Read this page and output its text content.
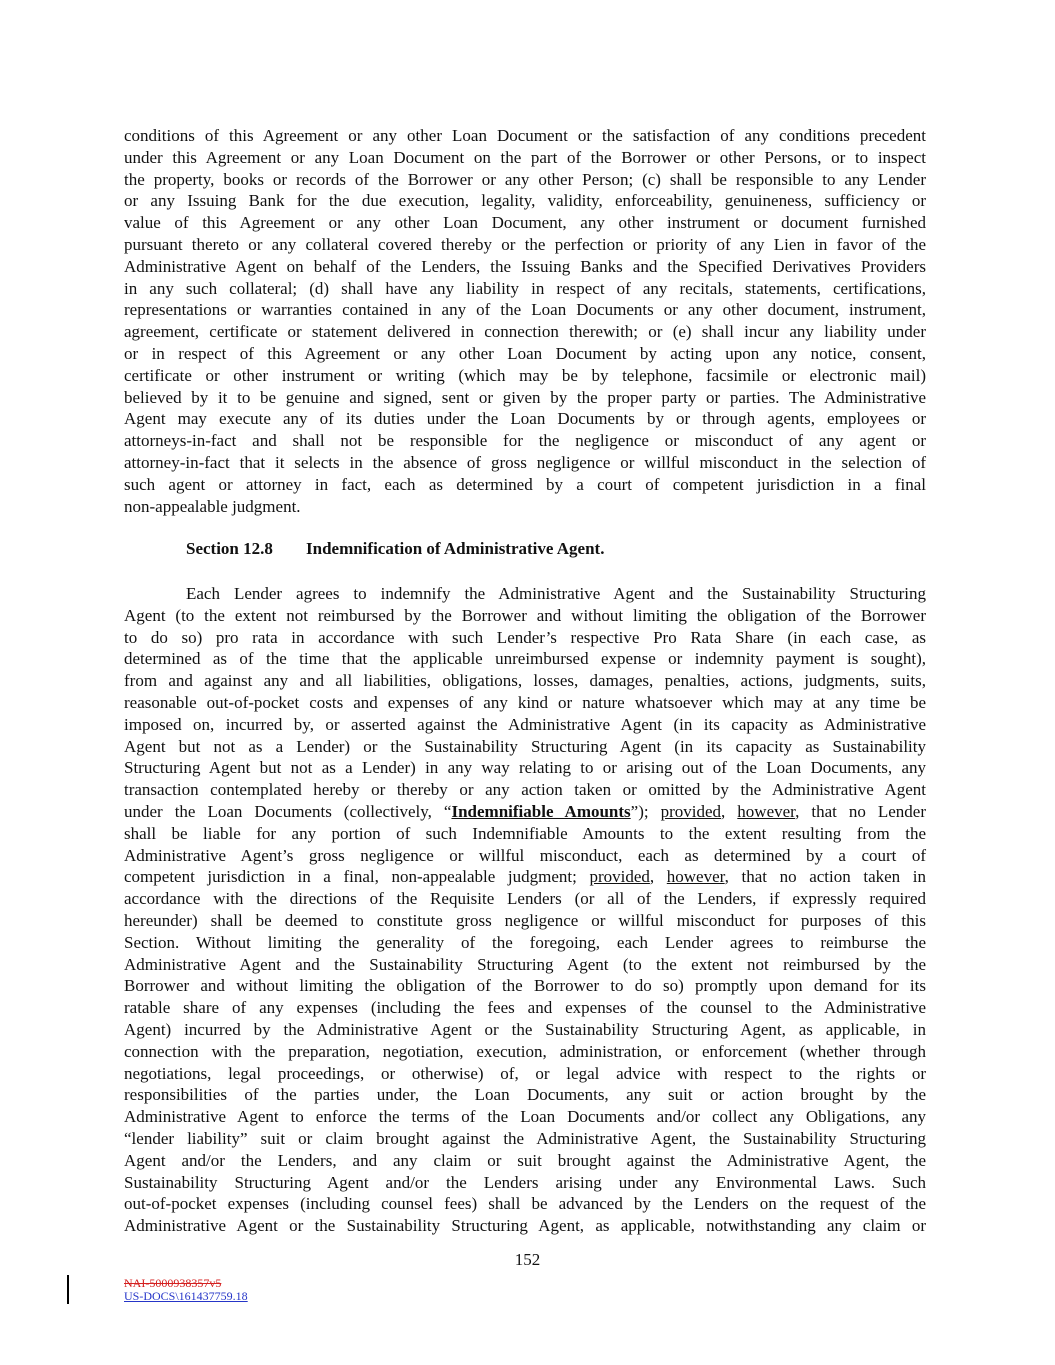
conditions of this Agreement or any other Loan Document or the satisfaction of any conditions precedent
under this Agreement or any Loan Document on the part of the Borrower or other Persons, or to inspect
the property, books or records of the Borrower or any other Person; (c) shall be responsible to any Lender
or any Issuing Bank for the due execution, legality, validity, enforceability, genuineness, sufficiency or
value of this Agreement or any other Loan Document, any other instrument or document furnished
pursuant thereto or any collateral covered thereby or the perfection or priority of any Lien in favor of the
Administrative Agent on behalf of the Lenders, the Issuing Banks and the Specified Derivatives Providers
in any such collateral; (d) shall have any liability in respect of any recitals, statements, certifications,
representations or warranties contained in any of the Loan Documents or any other document, instrument,
agreement, certificate or statement delivered in connection therewith; or (e) shall incur any liability under
or in respect of this Agreement or any other Loan Document by acting upon any notice, consent,
certificate or other instrument or writing (which may be by telephone, facsimile or electronic mail)
believed by it to be genuine and signed, sent or given by the proper party or parties. The Administrative
Agent may execute any of its duties under the Loan Documents by or through agents, employees or
attorneys-in-fact and shall not be responsible for the negligence or misconduct of any agent or
attorney-in-fact that it selects in the absence of gross negligence or willful misconduct in the selection of
such agent or attorney in fact, each as determined by a court of competent jurisdiction in a final
non-appealable judgment.
Section 12.8 Indemnification of Administrative Agent.
Each Lender agrees to indemnify the Administrative Agent and the Sustainability Structuring
Agent (to the extent not reimbursed by the Borrower and without limiting the obligation of the Borrower
to do so) pro rata in accordance with such Lender’s respective Pro Rata Share (in each case, as
determined as of the time that the applicable unreimbursed expense or indemnity payment is sought),
from and against any and all liabilities, obligations, losses, damages, penalties, actions, judgments, suits,
reasonable out-of-pocket costs and expenses of any kind or nature whatsoever which may at any time be
imposed on, incurred by, or asserted against the Administrative Agent (in its capacity as Administrative
Agent but not as a Lender) or the Sustainability Structuring Agent (in its capacity as Sustainability
Structuring Agent but not as a Lender) in any way relating to or arising out of the Loan Documents, any
transaction contemplated hereby or thereby or any action taken or omitted by the Administrative Agent
under the Loan Documents (collectively, “Indemnifiable Amounts”); provided, however, that no Lender
shall be liable for any portion of such Indemnifiable Amounts to the extent resulting from the
Administrative Agent’s gross negligence or willful misconduct, each as determined by a court of
competent jurisdiction in a final, non-appealable judgment; provided, however, that no action taken in
accordance with the directions of the Requisite Lenders (or all of the Lenders, if expressly required
hereunder) shall be deemed to constitute gross negligence or willful misconduct for purposes of this
Section. Without limiting the generality of the foregoing, each Lender agrees to reimburse the
Administrative Agent and the Sustainability Structuring Agent (to the extent not reimbursed by the
Borrower and without limiting the obligation of the Borrower to do so) promptly upon demand for its
ratable share of any expenses (including the fees and expenses of the counsel to the Administrative
Agent) incurred by the Administrative Agent or the Sustainability Structuring Agent, as applicable, in
connection with the preparation, negotiation, execution, administration, or enforcement (whether through
negotiations, legal proceedings, or otherwise) of, or legal advice with respect to the rights or
responsibilities of the parties under, the Loan Documents, any suit or action brought by the
Administrative Agent to enforce the terms of the Loan Documents and/or collect any Obligations, any
“lender liability” suit or claim brought against the Administrative Agent, the Sustainability Structuring
Agent and/or the Lenders, and any claim or suit brought against the Administrative Agent, the
Sustainability Structuring Agent and/or the Lenders arising under any Environmental Laws. Such
out-of-pocket expenses (including counsel fees) shall be advanced by the Lenders on the request of the
Administrative Agent or the Sustainability Structuring Agent, as applicable, notwithstanding any claim or
152
NAI-5000938357v5
US-DOCS\161437759.18
